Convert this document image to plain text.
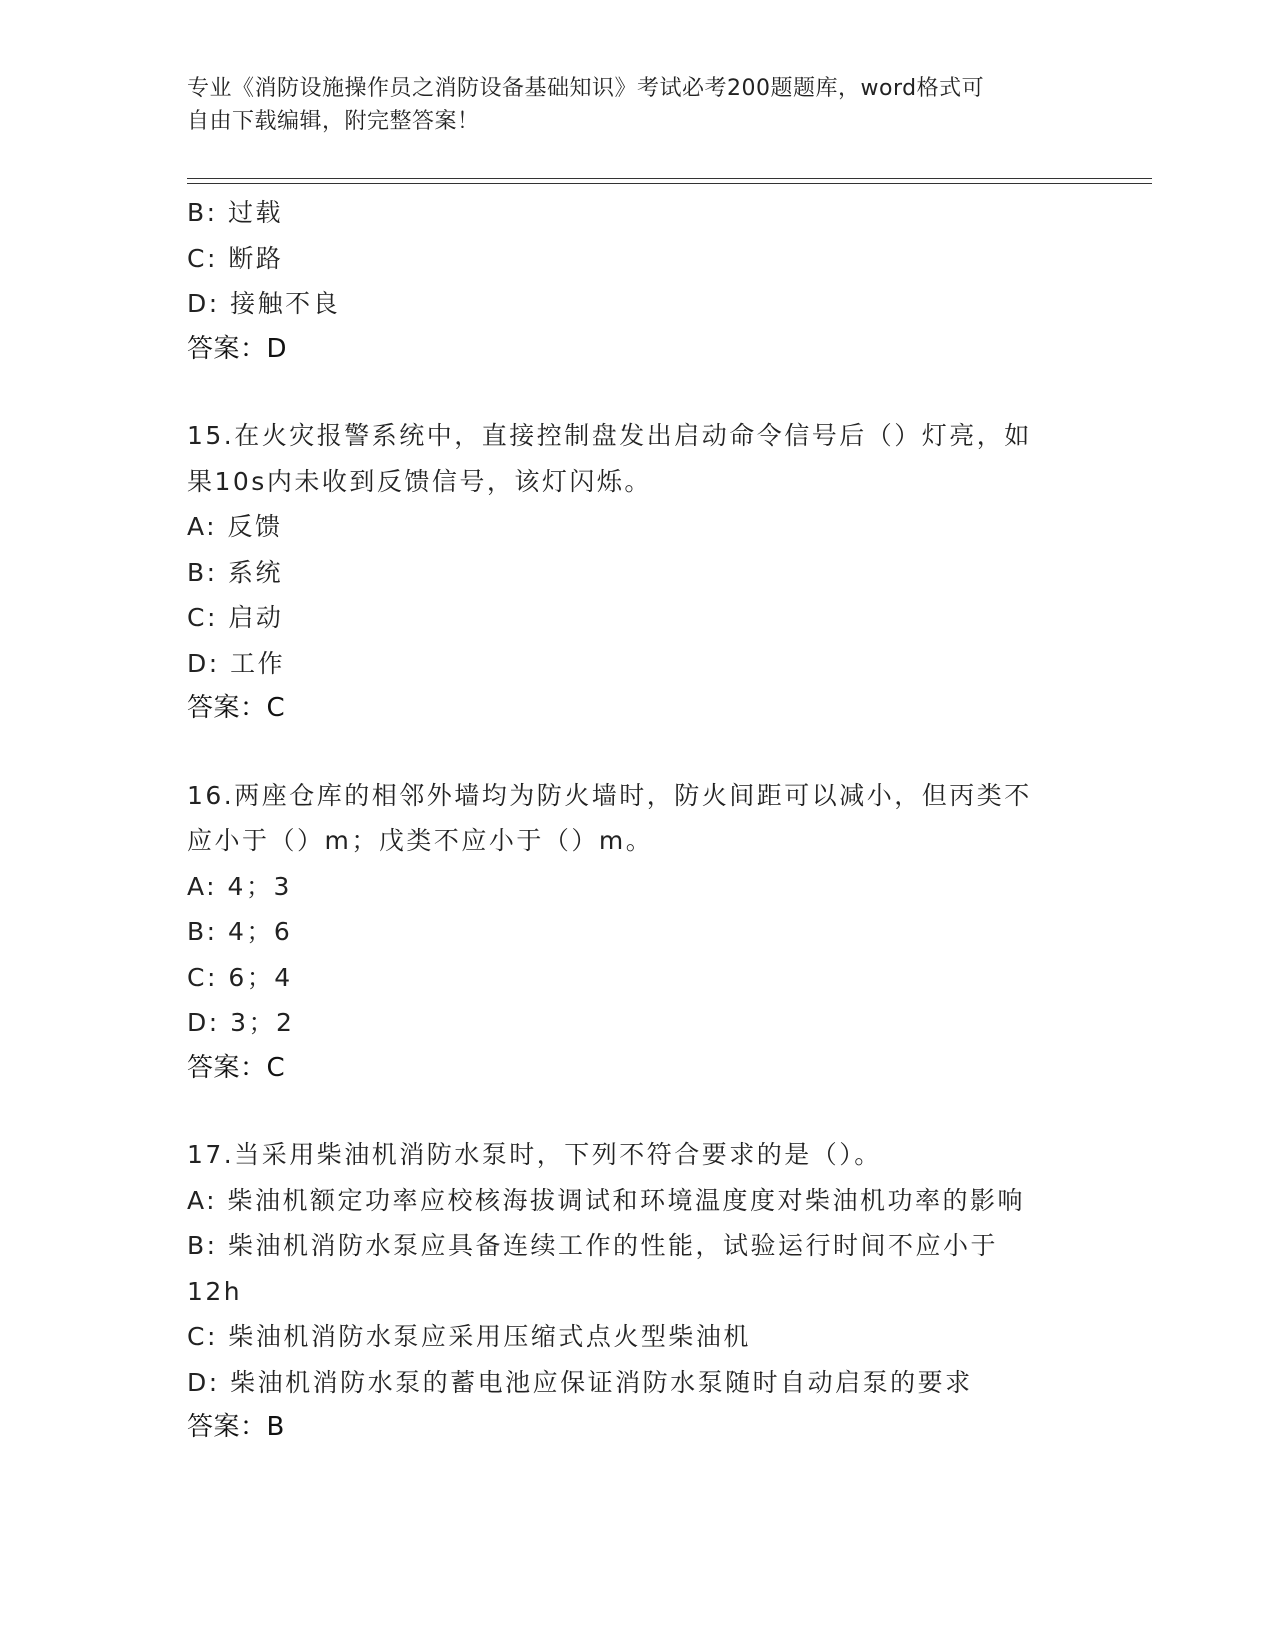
专业《消防设施操作员之消防设备基础知识》考试必考200题题库，word格式可
自由下载编辑，附完整答案！
B: 过载
C: 断路
D: 接触不良
答案：D
15.在火灾报警系统中，直接控制盘发出启动命令信号后（）灯亮，如
果10s内未收到反馈信号，该灯闪烁。
A: 反馈
B: 系统
C: 启动
D: 工作
答案：C
16.两座仓库的相邻外墙均为防火墙时，防火间距可以减小，但丙类不
应小于（）m；戊类不应小于（）m。
A: 4；3
B: 4；6
C: 6；4
D: 3；2
答案：C
17.当采用柴油机消防水泵时，下列不符合要求的是（）。
A: 柴油机额定功率应校核海拔调试和环境温度度对柴油机功率的影响
B: 柴油机消防水泵应具备连续工作的性能，试验运行时间不应小于
12h
C: 柴油机消防水泵应采用压缩式点火型柴油机
D: 柴油机消防水泵的蓄电池应保证消防水泵随时自动启泵的要求
答案：B
